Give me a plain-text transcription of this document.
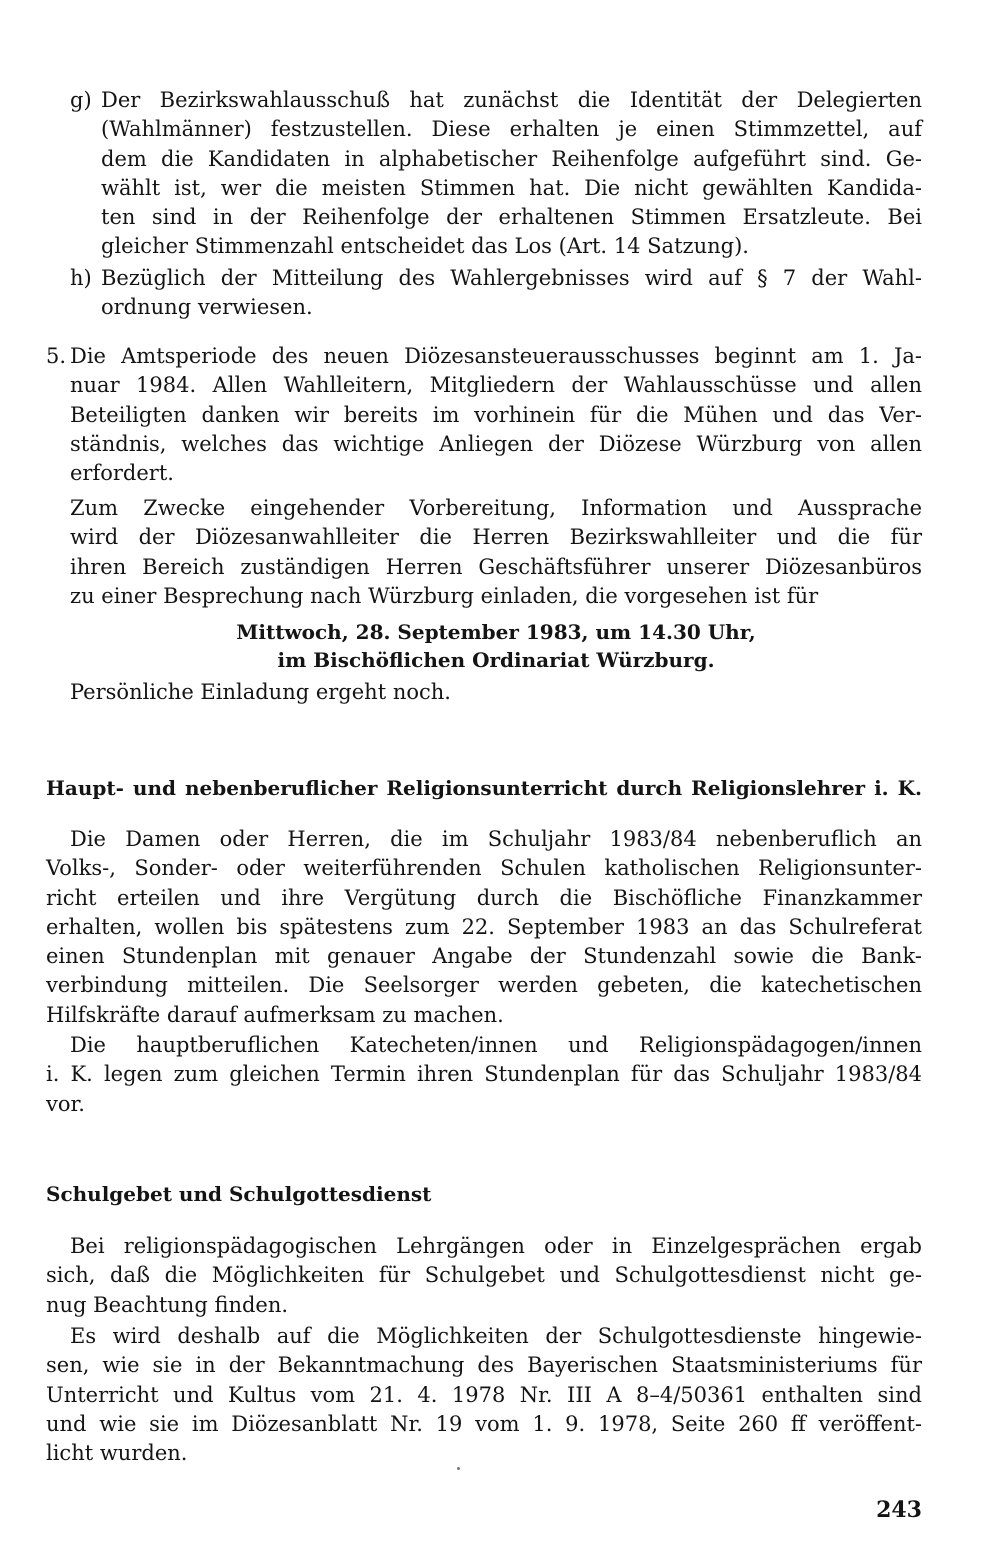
g) Der Bezirkswahlausschuß hat zunächst die Identität der Delegierten
(Wahlmänner) festzustellen. Diese erhalten je einen Stimmzettel, auf
dem die Kandidaten in alphabetischer Reihenfolge aufgeführt sind. Ge-
wählt ist, wer die meisten Stimmen hat. Die nicht gewählten Kandida-
ten sind in der Reihenfolge der erhaltenen Stimmen Ersatzleute. Bei
gleicher Stimmenzahl entscheidet das Los (Art. 14 Satzung).
h) Bezüglich der Mitteilung des Wahlergebnisses wird auf § 7 der Wahl-
ordnung verwiesen.
5. Die Amtsperiode des neuen Diözesansteuerausschusses beginnt am 1. Ja-
nuar 1984. Allen Wahlleitern, Mitgliedern der Wahlausschüsse und allen
Beteiligten danken wir bereits im vorhinein für die Mühen und das Ver-
ständnis, welches das wichtige Anliegen der Diözese Würzburg von allen
erfordert.
Zum Zwecke eingehender Vorbereitung, Information und Aussprache
wird der Diözesanwahlleiter die Herren Bezirkswahlleiter und die für
ihren Bereich zuständigen Herren Geschäftsführer unserer Diözesanbüros
zu einer Besprechung nach Würzburg einladen, die vorgesehen ist für
Mittwoch, 28. September 1983, um 14.30 Uhr,
im Bischöflichen Ordinariat Würzburg.
Persönliche Einladung ergeht noch.
Haupt- und nebenberuflicher Religionsunterricht durch Religionslehrer i. K.
Die Damen oder Herren, die im Schuljahr 1983/84 nebenberuflich an
Volks-, Sonder- oder weiterführenden Schulen katholischen Religionsunter-
richt erteilen und ihre Vergütung durch die Bischöfliche Finanzkammer
erhalten, wollen bis spätestens zum 22. September 1983 an das Schulreferat
einen Stundenplan mit genauer Angabe der Stundenzahl sowie die Bank-
verbindung mitteilen. Die Seelsorger werden gebeten, die katechetischen
Hilfskräfte darauf aufmerksam zu machen.
Die hauptberuflichen Katecheten/innen und Religionspädagogen/innen
i. K. legen zum gleichen Termin ihren Stundenplan für das Schuljahr 1983/84
vor.
Schulgebet und Schulgottesdienst
Bei religionspädagogischen Lehrgängen oder in Einzelgesprächen ergab
sich, daß die Möglichkeiten für Schulgebet und Schulgottesdienst nicht ge-
nug Beachtung finden.
Es wird deshalb auf die Möglichkeiten der Schulgottesdienste hingewie-
sen, wie sie in der Bekanntmachung des Bayerischen Staatsministeriums für
Unterricht und Kultus vom 21. 4. 1978 Nr. III A 8–4/50361 enthalten sind
und wie sie im Diözesanblatt Nr. 19 vom 1. 9. 1978, Seite 260 ff veröffent-
licht wurden.
243
